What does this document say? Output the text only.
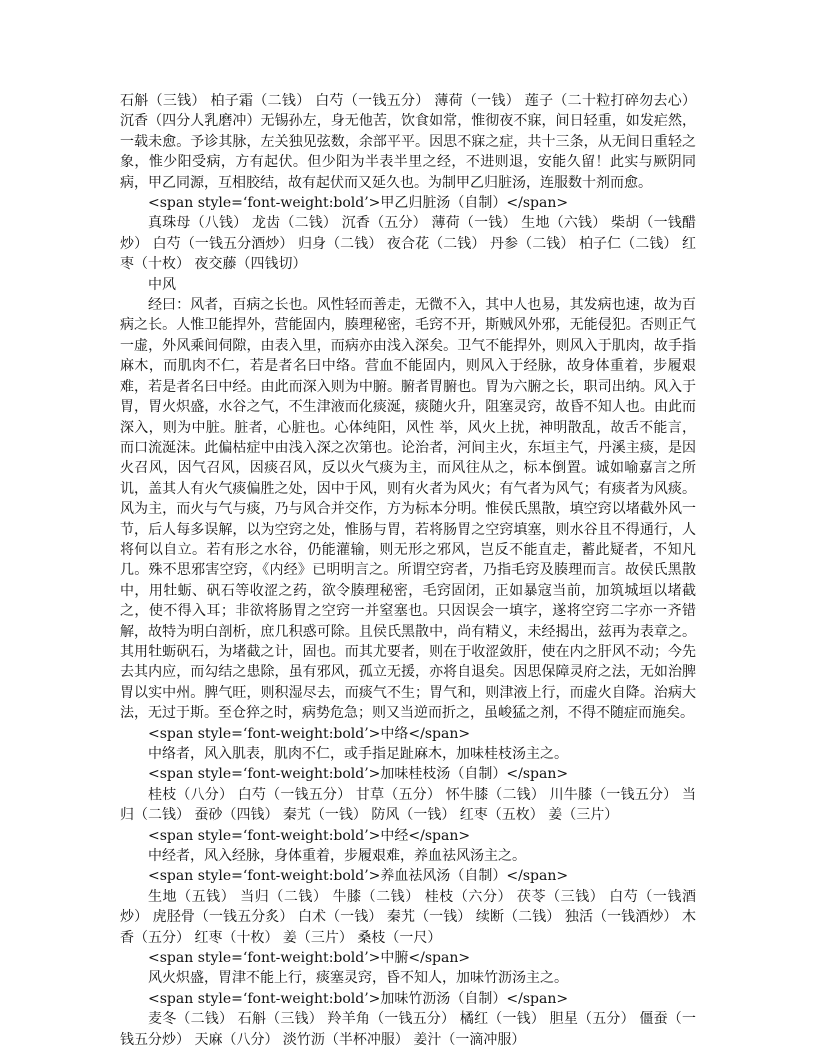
石斛（三钱） 柏子霜（二钱） 白芍（一钱五分） 薄荷（一钱） 莲子（二十粒打碎勿去心） 沉香（四分人乳磨冲）无锡孙左，身无他苦，饮食如常，惟彻夜不寐，间日轻重，如发疟然，一载未愈。予诊其脉，左关独见弦数，余部平平。因思不寐之症，共十三条，从无间日重轻之象，惟少阳受病，方有起伏。但少阳为半表半里之经，不进则退，安能久留！此实与厥阴同病，甲乙同源，互相胶结，故有起伏而又延久也。为制甲乙归脏汤，连服数十剂而愈。

<span style=‘font-weight:bold’>甲乙归脏汤（自制）</span>

真珠母（八钱） 龙齿（二钱） 沉香（五分） 薄荷（一钱） 生地（六钱） 柴胡（一钱醋炒） 白芍（一钱五分酒炒） 归身（二钱） 夜合花（二钱） 丹参（二钱） 柏子仁（二钱） 红枣（十枚） 夜交藤（四钱切）

中风

经曰：风者，百病之长也。风性轻而善走，无微不入，其中人也易，其发病也速，故为百病之长。人惟卫能捍外，营能固内，腠理秘密，毛窍不开，斯贼风外邪，无能侵犯。否则正气一虚，外风乘间伺隙，由表入里，而病亦由浅入深矣。卫气不能捍外，则风入于肌肉，故手指麻木，而肌肉不仁，若是者名曰中络。营血不能固内，则风入于经脉，故身体重着，步履艰难，若是者名曰中经。由此而深入则为中腑。腑者胃腑也。胃为六腑之长，职司出纳。风入于胃，胃火炽盛，水谷之气，不生津液而化痰涎，痰随火升，阻塞灵窍，故昏不知人也。由此而深入，则为中脏。脏者，心脏也。心体纯阳，风性 举，风火上扰，神明散乱，故舌不能言，而口流涎沫。此偏枯症中由浅入深之次第也。论治者，河间主火，东垣主气，丹溪主痰，是因火召风，因气召风，因痰召风，反以火气痰为主，而风往从之，标本倒置。诚如喻嘉言之所讥，盖其人有火气痰偏胜之处，因中于风，则有火者为风火；有气者为风气；有痰者为风痰。风为主，而火与气与痰，乃与风合并交作，方为标本分明。惟侯氏黑散，填空窍以堵截外风一节，后人每多误解，以为空窍之处，惟肠与胃，若将肠胃之空窍填塞，则水谷且不得通行，人将何以自立。若有形之水谷，仍能灌输，则无形之邪风，岂反不能直走，蓄此疑者，不知凡几。殊不思邪害空窍，《内经》已明明言之。所谓空窍者，乃指毛窍及腠理而言。故侯氏黑散中，用牡蛎、矾石等收涩之药，欲令腠理秘密，毛窍固闭，正如暴寇当前，加筑城垣以堵截之，使不得入耳；非欲将肠胃之空窍一并窒塞也。只因误会一填字，遂将空窍二字亦一齐错解，故特为明白剖析，庶几积惑可除。且侯氏黑散中，尚有精义，未经揭出，兹再为表章之。其用牡蛎矾石，为堵截之计，固也。而其尤要者，则在于收涩敛肝，使在内之肝风不动；今先去其内应，而勾结之患除，虽有邪风，孤立无援，亦将自退矣。因思保障灵府之法，无如治脾胃以实中州。脾气旺，则积湿尽去，而痰气不生；胃气和，则津液上行，而虚火自降。治病大法，无过于斯。至仓猝之时，病势危急；则又当逆而折之，虽峻猛之剂，不得不随症而施矣。

<span style=‘font-weight:bold’>中络</span>

中络者，风入肌表，肌肉不仁，或手指足趾麻木，加味桂枝汤主之。

<span style=‘font-weight:bold’>加味桂枝汤（自制）</span>

桂枝（八分） 白芍（一钱五分） 甘草（五分） 怀牛膝（二钱） 川牛膝（一钱五分） 当归（二钱） 蚕砂（四钱） 秦艽（一钱） 防风（一钱） 红枣（五枚） 姜（三片）

<span style=‘font-weight:bold’>中经</span>

中经者，风入经脉，身体重着，步履艰难，养血祛风汤主之。

<span style=‘font-weight:bold’>养血祛风汤（自制）</span>

生地（五钱） 当归（二钱） 牛膝（二钱） 桂枝（六分） 茯苓（三钱） 白芍（一钱酒炒） 虎胫骨（一钱五分炙） 白术（一钱） 秦艽（一钱） 续断（二钱） 独活（一钱酒炒） 木香（五分） 红枣（十枚） 姜（三片） 桑枝（一尺）

<span style=‘font-weight:bold’>中腑</span>

风火炽盛，胃津不能上行，痰塞灵窍，昏不知人，加味竹沥汤主之。

<span style=‘font-weight:bold’>加味竹沥汤（自制）</span>

麦冬（二钱） 石斛（三钱） 羚羊角（一钱五分） 橘红（一钱） 胆星（五分） 僵蚕（一钱五分炒） 天麻（八分） 淡竹沥（半杯冲服） 姜汁（一滴冲服）
